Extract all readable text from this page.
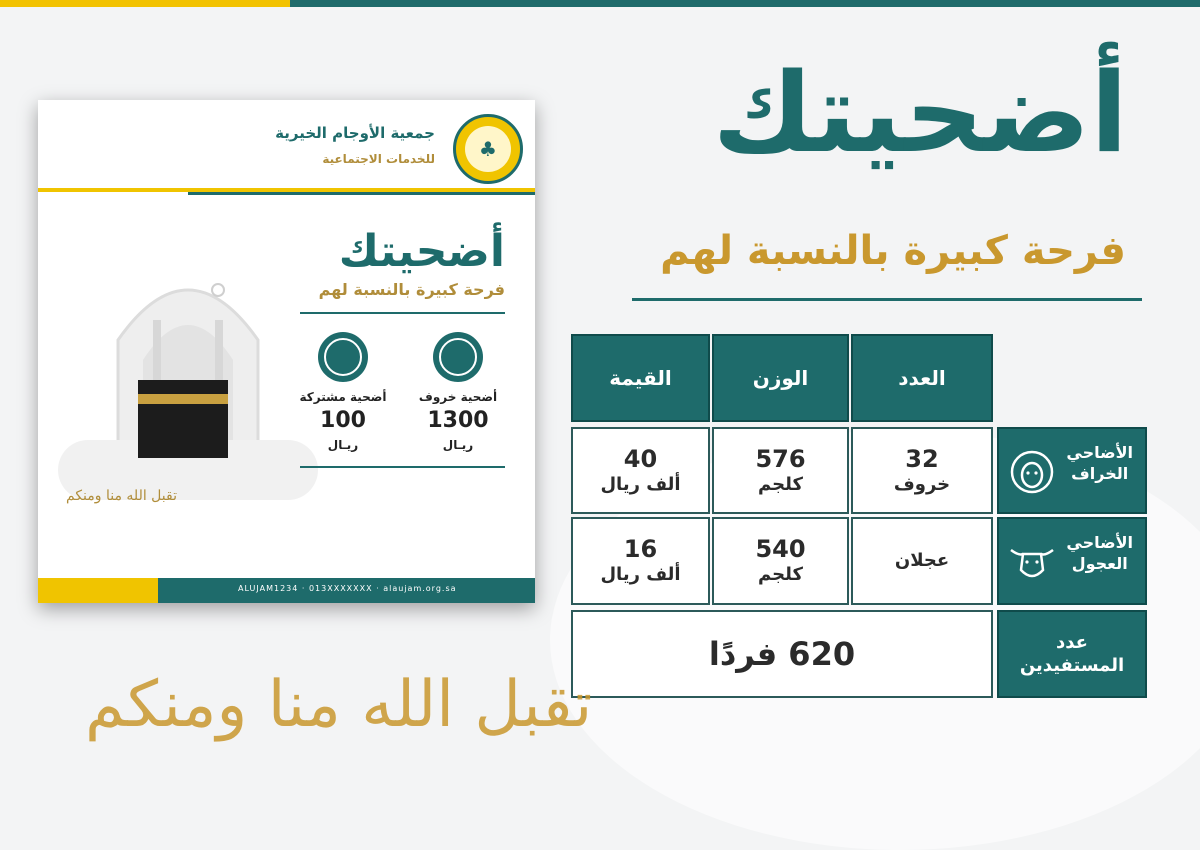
♣
جمعية الأوجام الخيرية
للخدمات الاجتماعية
أضحيتك
فرحة كبيرة بالنسبة لهم
أضحية خروف
أضحية مشتركة
1300
100
ريـال
ريـال
تقبل الله منا ومنكم
ALUJAM1234 · 013XXXXXXX · alaujam.org.sa
أضحيتك
فرحة كبيرة بالنسبة لهم
العدد
الوزن
القيمة
الأضاحي
الخراف
32
خروف
576
كلجم
40
ألف ريال
الأضاحي
العجول
عجلان
540
كلجم
16
ألف ريال
عدد
المستفيدين
620 فردًا
تقبل الله منا ومنكم
